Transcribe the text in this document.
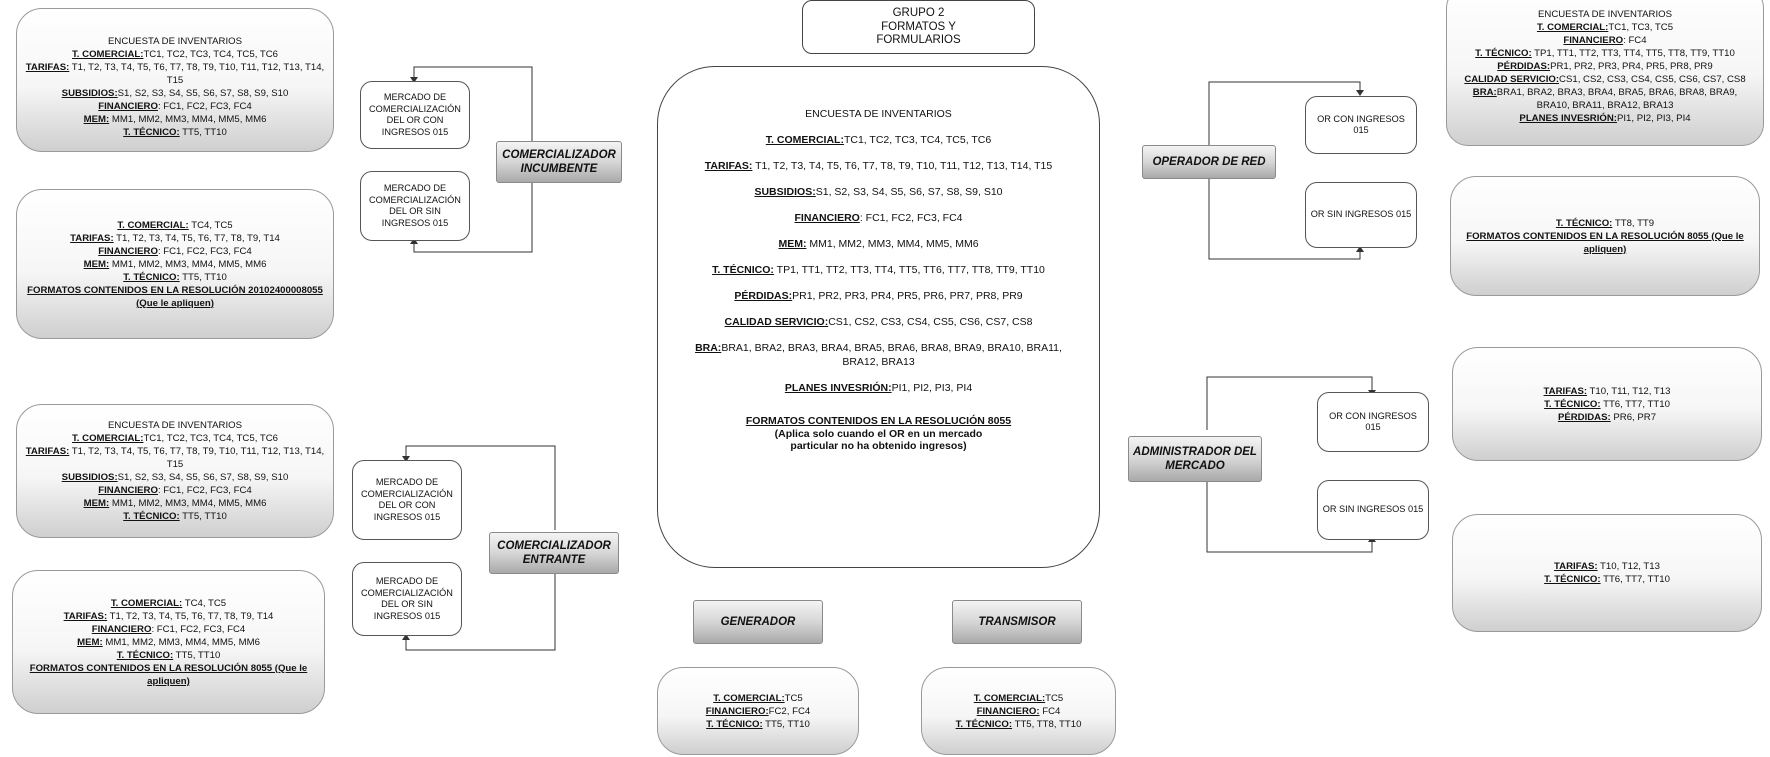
GRUPO 2
FORMATOS Y
FORMULARIOS
ENCUESTA DE INVENTARIOS
T. COMERCIAL:TC1, TC2, TC3, TC4, TC5, TC6
TARIFAS: T1, T2, T3, T4, T5, T6, T7, T8, T9, T10, T11, T12, T13, T14, T15
SUBSIDIOS:S1, S2, S3, S4, S5, S6, S7, S8, S9, S10
FINANCIERO: FC1, FC2, FC3, FC4
MEM: MM1, MM2, MM3, MM4, MM5, MM6
T. TÉCNICO: TP1, TT1, TT2, TT3, TT4, TT5, TT6, TT7, TT8, TT9, TT10
PÉRDIDAS:PR1, PR2, PR3, PR4, PR5, PR6, PR7, PR8, PR9
CALIDAD SERVICIO:CS1, CS2, CS3, CS4, CS5, CS6, CS7, CS8
BRA:BRA1, BRA2, BRA3, BRA4, BRA5, BRA6, BRA8, BRA9, BRA10, BRA11, BRA12, BRA13
PLANES INVESRIÓN:PI1, PI2, PI3, PI4
FORMATOS CONTENIDOS EN LA RESOLUCIÓN 8055
(Aplica solo cuando el OR en un mercado
particular no ha obtenido ingresos)
ENCUESTA DE INVENTARIOS
T. COMERCIAL:TC1, TC2, TC3, TC4, TC5, TC6
TARIFAS: T1, T2, T3, T4, T5, T6, T7, T8, T9, T10, T11, T12, T13, T14, T15
SUBSIDIOS:S1, S2, S3, S4, S5, S6, S7, S8, S9, S10
FINANCIERO: FC1, FC2, FC3, FC4
MEM: MM1, MM2, MM3, MM4, MM5, MM6
T. TÉCNICO: TT5, TT10
T. COMERCIAL: TC4, TC5
TARIFAS: T1, T2, T3, T4, T5, T6, T7, T8, T9, T14
FINANCIERO: FC1, FC2, FC3, FC4
MEM: MM1, MM2, MM3, MM4, MM5, MM6
T. TÉCNICO: TT5, TT10
FORMATOS CONTENIDOS EN LA RESOLUCIÓN 20102400008055
(Que le apliquen)
ENCUESTA DE INVENTARIOS
T. COMERCIAL:TC1, TC2, TC3, TC4, TC5, TC6
TARIFAS: T1, T2, T3, T4, T5, T6, T7, T8, T9, T10, T11, T12, T13, T14, T15
SUBSIDIOS:S1, S2, S3, S4, S5, S6, S7, S8, S9, S10
FINANCIERO: FC1, FC2, FC3, FC4
MEM: MM1, MM2, MM3, MM4, MM5, MM6
T. TÉCNICO: TT5, TT10
T. COMERCIAL: TC4, TC5
TARIFAS: T1, T2, T3, T4, T5, T6, T7, T8, T9, T14
FINANCIERO: FC1, FC2, FC3, FC4
MEM: MM1, MM2, MM3, MM4, MM5, MM6
T. TÉCNICO: TT5, TT10
FORMATOS CONTENIDOS EN LA RESOLUCIÓN 8055 (Que le apliquen)
MERCADO DE COMERCIALIZACIÓN DEL OR CON INGRESOS 015
MERCADO DE COMERCIALIZACIÓN DEL OR SIN INGRESOS 015
MERCADO DE COMERCIALIZACIÓN DEL OR CON INGRESOS 015
MERCADO DE COMERCIALIZACIÓN DEL OR SIN INGRESOS 015
COMERCIALIZADOR INCUMBENTE
COMERCIALIZADOR ENTRANTE
GENERADOR	TRANSMISOR
T. COMERCIAL:TC5
FINANCIERO:FC2, FC4
T. TÉCNICO: TT5, TT10
T. COMERCIAL:TC5
FINANCIERO: FC4
T. TÉCNICO: TT5, TT8, TT10
OPERADOR DE RED
ADMINISTRADOR DEL MERCADO
OR CON INGRESOS 015
OR SIN INGRESOS 015
OR CON INGRESOS 015
OR SIN INGRESOS 015
ENCUESTA DE INVENTARIOS
T. COMERCIAL:TC1, TC3, TC5
FINANCIERO: FC4
T. TÉCNICO: TP1, TT1, TT2, TT3, TT4, TT5, TT8, TT9, TT10
PÉRDIDAS:PR1, PR2, PR3, PR4, PR5, PR8, PR9
CALIDAD SERVICIO:CS1, CS2, CS3, CS4, CS5, CS6, CS7, CS8
BRA:BRA1, BRA2, BRA3, BRA4, BRA5, BRA6, BRA8, BRA9, BRA10, BRA11, BRA12, BRA13
PLANES INVESRIÓN:PI1, PI2, PI3, PI4
T. TÉCNICO: TT8, TT9
FORMATOS CONTENIDOS EN LA RESOLUCIÓN 8055 (Que le apliquen)
TARIFAS: T10, T11, T12, T13
T. TÉCNICO: TT6, TT7, TT10
PÉRDIDAS: PR6, PR7
TARIFAS: T10, T12, T13
T. TÉCNICO: TT6, TT7, TT10
